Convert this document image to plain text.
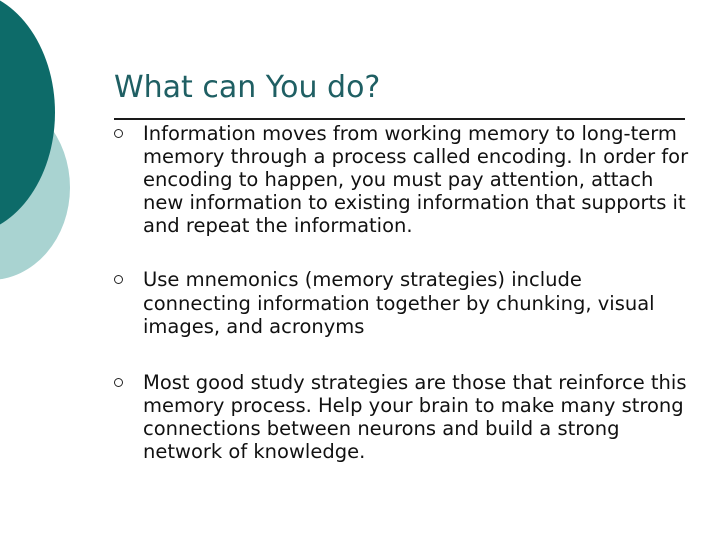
What can You do?
Information moves from working memory to long-term memory through a process called encoding. In order for encoding to happen, you must pay attention, attach new information to existing information that supports it and repeat the information.
Use mnemonics (memory strategies) include connecting information together by chunking, visual images, and acronyms
Most good study strategies are those that reinforce this memory process. Help your brain to make many strong connections between neurons and build a strong network of knowledge.
